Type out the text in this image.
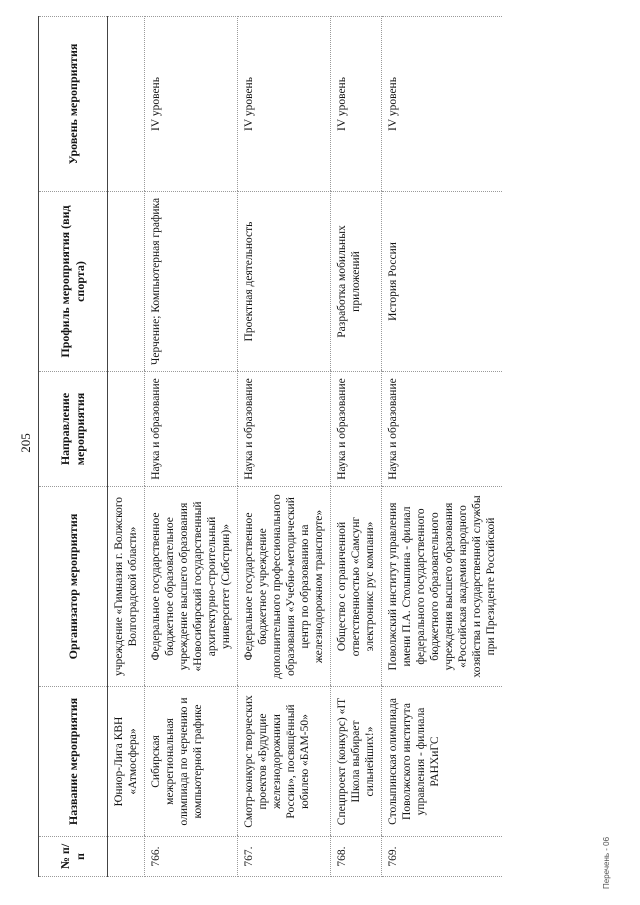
205
№ п/п	Название мероприятия	Организатор мероприятия	Направление мероприятия	Профиль мероприятия (вид спорта)	Уровень мероприятия
	Юниор-Лига КВН «Атмосфера»	учреждение «Гимназия г. Волжского Волгоградской области»			
766.	Сибирская межрегиональная олимпиада по черчению и компьютерной графике	Федеральное государственное бюджетное образовательное учреждение высшего образования «Новосибирский государственный архитектурно-строительный университет (Сибстрин)»	Наука и образование	Черчение; Компьютерная графика	IV уровень
767.	Смотр-конкурс творческих проектов «Будущие железнодорожники России», посвящённый юбилею «БАМ-50»	Федеральное государственное бюджетное учреждение дополнительного профессионального образования «Учебно-методический центр по образованию на железнодорожном транспорте»	Наука и образование	Проектная деятельность	IV уровень
768.	Спецпроект (конкурс) «IT Школа выбирает сильнейших!»	Общество с ограниченной ответственностью «Самсунг электроникс рус компани»	Наука и образование	Разработка мобильных приложений	IV уровень
769.	Столыпинская олимпиада Поволжского института управления - филиала РАНХиГС	Поволжский институт управления имени П.А. Столыпина - филиал федерального государственного бюджетного образовательного учреждения высшего образования «Российская академия народного хозяйства и государственной службы при Президенте Российской	Наука и образование	История России	IV уровень
Перечень - 06
